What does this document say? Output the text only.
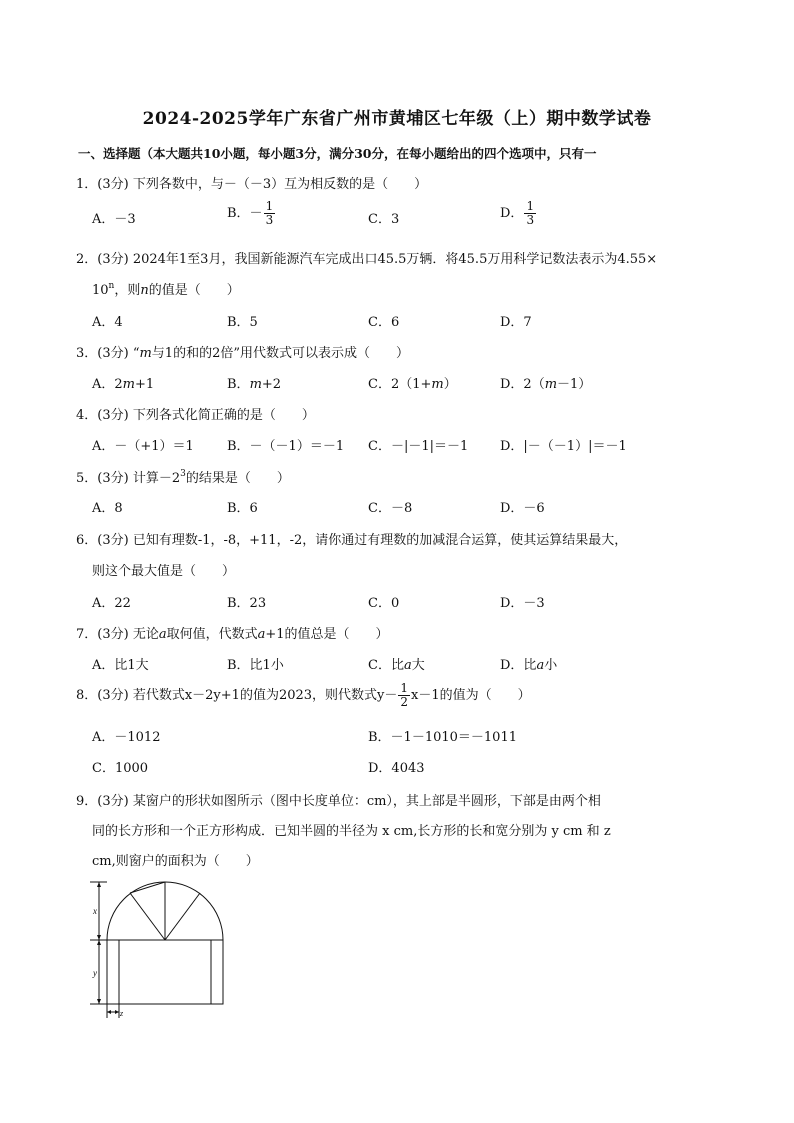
2024-2025学年广东省广州市黄埔区七年级（上）期中数学试卷
一、选择题（本大题共10小题，每小题3分，满分30分，在每小题给出的四个选项中，只有一
1．(3分) 下列各数中，与－（－3）互为相反数的是（　　）
A．－3	B．－ $\frac{1}{3}$	C．3	D． $\frac{1}{3}$
2．(3分) 2024年1至3月，我国新能源汽车完成出口45.5万辆．将45.5万用科学记数法表示为4.55×
$10^n$，则n的值是（　　）
A．4	B．5	C．6	D．7
3．(3分) “m与1的和的2倍”用代数式可以表示成（　　）
A．2m+1	B．m+2	C．2（1+m）	D．2（m－1）
4．(3分) 下列各式化简正确的是（　　）
A．－（+1）＝1	B．－（－1）＝－1 C．－|－1|＝－1 D．|－（－1）|＝－1
5．(3分) 计算$-2^3$的结果是（　　）
A．8	B．6	C．－8	D．－6
6．(3分) 已知有理数-1，-8，+11，-2，请你通过有理数的加减混合运算，使其运算结果最大，
则这个最大值是（　　）
A．22	B．23	C．0	D．－3
7．(3分) 无论a取何值，代数式a+1的值总是（　　）
A．比1大	B．比1小	C．比a大	D．比a小
8．(3分) 若代数式x－2y+1的值为2023，则代数式$y- \frac{1}{2} x-1$的值为（　　）
A．－1012	B．－1－1010＝－1011
C．1000	D．4043
9．(3分) 某窗户的形状如图所示（图中长度单位：cm），其上部是半圆形，下部是由两个相
同的长方形和一个正方形构成．已知半圆的半径为 x cm,长方形的长和宽分别为 y cm 和 z
cm,则窗户的面积为（　　）
x
y
z
